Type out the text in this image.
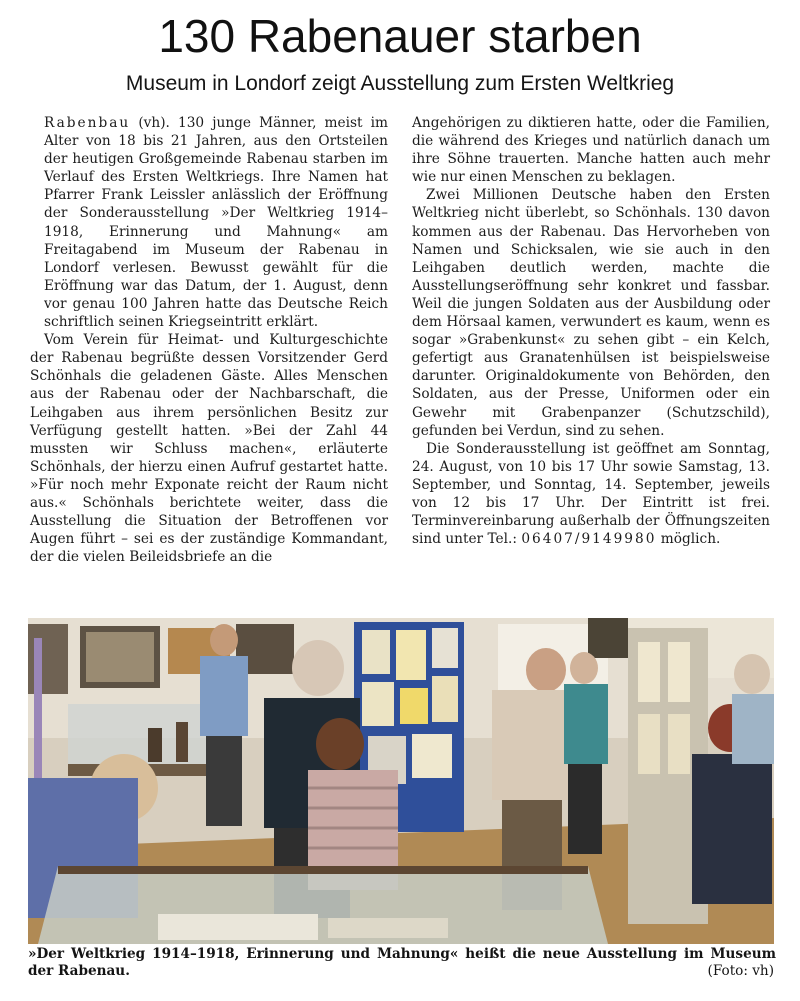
130 Rabenauer starben
Museum in Londorf zeigt Ausstellung zum Ersten Weltkrieg

Rabenbau (vh). 130 junge Männer, meist im Alter von 18 bis 21 Jahren, aus den Ortsteilen der heutigen Großgemeinde Rabenau starben im Verlauf des Ersten Weltkriegs. Ihre Namen hat Pfarrer Frank Leissler anlässlich der Eröffnung der Sonderausstellung »Der Weltkrieg 1914–1918, Erinnerung und Mahnung« am Freitagabend im Museum der Rabenau in Londorf verlesen. Bewusst gewählt für die Eröffnung war das Datum, der 1. August, denn vor genau 100 Jahren hatte das Deutsche Reich schriftlich seinen Kriegseintritt erklärt.

Vom Verein für Heimat- und Kulturgeschichte der Rabenau begrüßte dessen Vorsitzender Gerd Schönhals die geladenen Gäste. Alles Menschen aus der Rabenau oder der Nachbarschaft, die Leihgaben aus ihrem persönlichen Besitz zur Verfügung gestellt hatten. »Bei der Zahl 44 mussten wir Schluss machen«, erläuterte Schönhals, der hierzu einen Aufruf gestartet hatte. »Für noch mehr Exponate reicht der Raum nicht aus.« Schönhals berichtete weiter, dass die Ausstellung die Situation der Betroffenen vor Augen führt – sei es der zuständige Kommandant, der die vielen Beileidsbriefe an die

Angehörigen zu diktieren hatte, oder die Familien, die während des Krieges und natürlich danach um ihre Söhne trauerten. Manche hatten auch mehr wie nur einen Menschen zu beklagen.

Zwei Millionen Deutsche haben den Ersten Weltkrieg nicht überlebt, so Schönhals. 130 davon kommen aus der Rabenau. Das Hervorheben von Namen und Schicksalen, wie sie auch in den Leihgaben deutlich werden, machte die Ausstellungseröffnung sehr konkret und fassbar. Weil die jungen Soldaten aus der Ausbildung oder dem Hörsaal kamen, verwundert es kaum, wenn es sogar »Grabenkunst« zu sehen gibt – ein Kelch, gefertigt aus Granatenhülsen ist beispielsweise darunter. Originaldokumente von Behörden, den Soldaten, aus der Presse, Uniformen oder ein Gewehr mit Grabenpanzer (Schutzschild), gefunden bei Verdun, sind zu sehen.

Die Sonderausstellung ist geöffnet am Sonntag, 24. August, von 10 bis 17 Uhr sowie Samstag, 13. September, und Sonntag, 14. September, jeweils von 12 bis 17 Uhr. Der Eintritt ist frei. Terminvereinbarung außerhalb der Öffnungszeiten sind unter Tel.: 06407/9149980 möglich.

»Der Weltkrieg 1914–1918, Erinnerung und Mahnung« heißt die neue Ausstellung im Museum der Rabenau.	(Foto: vh)
